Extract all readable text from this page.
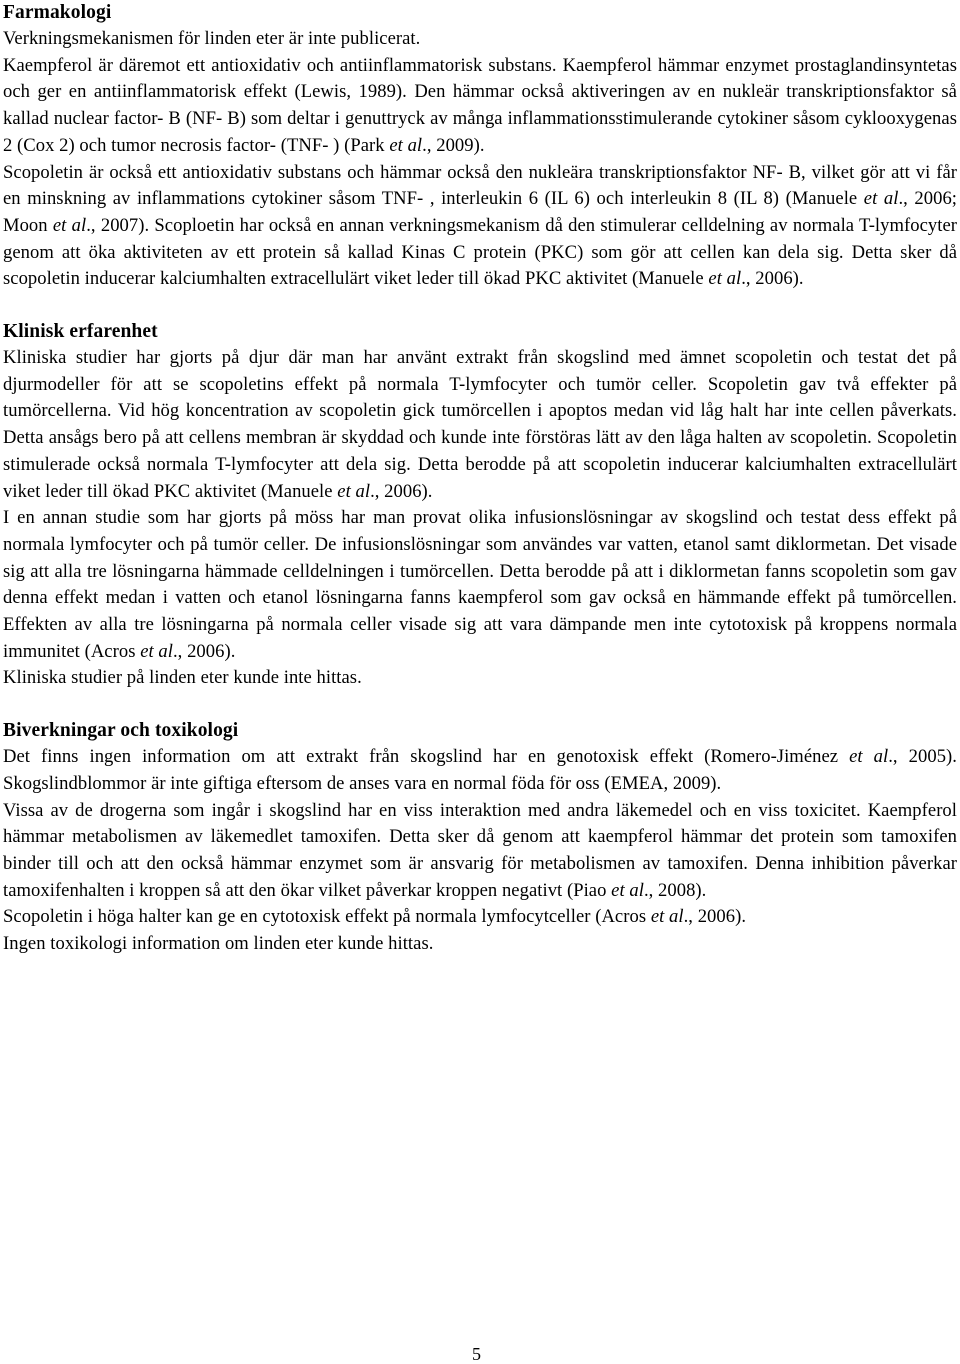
Farmakologi

Verkningsmekanismen för linden eter är inte publicerat.

Kaempferol är däremot ett antioxidativ och antiinflammatorisk substans. Kaempferol hämmar enzymet prostaglandinsyntetas och ger en antiinflammatorisk effekt (Lewis, 1989). Den hämmar också aktiveringen av en nukleär transkriptionsfaktor så kallad nuclear factor- B (NF- B) som deltar i genuttryck av många inflammationsstimulerande cytokiner såsom cyklooxygenas 2 (Cox 2) och tumor necrosis factor- (TNF- ) (Park et al., 2009).

Scopoletin är också ett antioxidativ substans och hämmar också den nukleära transkriptionsfaktor NF- B, vilket gör att vi får en minskning av inflammations cytokiner såsom TNF- , interleukin 6 (IL 6) och interleukin 8 (IL 8) (Manuele et al., 2006; Moon et al., 2007). Scoploetin har också en annan verkningsmekanism då den stimulerar celldelning av normala T-lymfocyter genom att öka aktiviteten av ett protein så kallad Kinas C protein (PKC) som gör att cellen kan dela sig. Detta sker då scopoletin inducerar kalciumhalten extracellulärt viket leder till ökad PKC aktivitet (Manuele et al., 2006).

Klinisk erfarenhet

Kliniska studier har gjorts på djur där man har använt extrakt från skogslind med ämnet scopoletin och testat det på djurmodeller för att se scopoletins effekt på normala T-lymfocyter och tumör celler. Scopoletin gav två effekter på tumörcellerna. Vid hög koncentration av scopoletin gick tumörcellen i apoptos medan vid låg halt har inte cellen påverkats. Detta ansågs bero på att cellens membran är skyddad och kunde inte förstöras lätt av den låga halten av scopoletin. Scopoletin stimulerade också normala T-lymfocyter att dela sig. Detta berodde på att scopoletin inducerar kalciumhalten extracellulärt viket leder till ökad PKC aktivitet (Manuele et al., 2006).

I en annan studie som har gjorts på möss har man provat olika infusionslösningar av skogslind och testat dess effekt på normala lymfocyter och på tumör celler. De infusionslösningar som användes var vatten, etanol samt diklormetan. Det visade sig att alla tre lösningarna hämmade celldelningen i tumörcellen. Detta berodde på att i diklormetan fanns scopoletin som gav denna effekt medan i vatten och etanol lösningarna fanns kaempferol som gav också en hämmande effekt på tumörcellen. Effekten av alla tre lösningarna på normala celler visade sig att vara dämpande men inte cytotoxisk på kroppens normala immunitet (Acros et al., 2006).

Kliniska studier på linden eter kunde inte hittas.

Biverkningar och toxikologi

Det finns ingen information om att extrakt från skogslind har en genotoxisk effekt (Romero-Jiménez et al., 2005). Skogslindblommor är inte giftiga eftersom de anses vara en normal föda för oss (EMEA, 2009).

Vissa av de drogerna som ingår i skogslind har en viss interaktion med andra läkemedel och en viss toxicitet. Kaempferol hämmar metabolismen av läkemedlet tamoxifen. Detta sker då genom att kaempferol hämmar det protein som tamoxifen binder till och att den också hämmar enzymet som är ansvarig för metabolismen av tamoxifen. Denna inhibition påverkar tamoxifenhalten i kroppen så att den ökar vilket påverkar kroppen negativt (Piao et al., 2008).

Scopoletin i höga halter kan ge en cytotoxisk effekt på normala lymfocytceller (Acros et al., 2006).

Ingen toxikologi information om linden eter kunde hittas.

5
